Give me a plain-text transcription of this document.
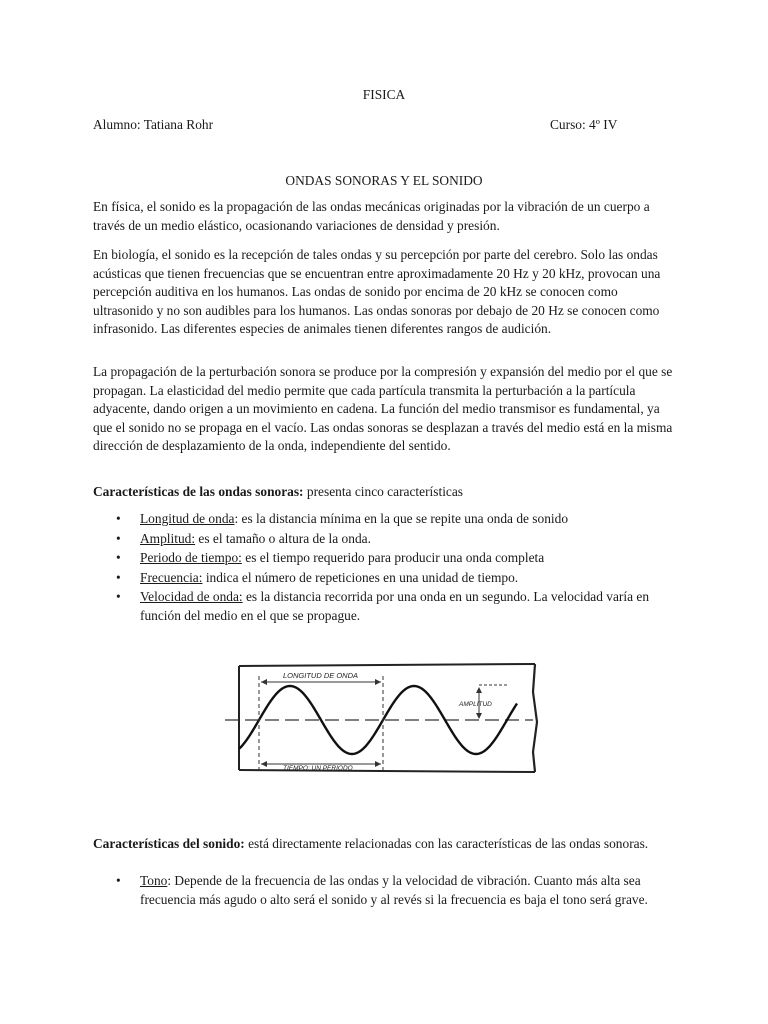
FISICA
Alumno: Tatiana Rohr	Curso: 4º IV
ONDAS SONORAS Y EL SONIDO

En física, el sonido es la propagación de las ondas mecánicas originadas por la vibración de un cuerpo a través de un medio elástico, ocasionando variaciones de densidad y presión.

En biología, el sonido es la recepción de tales ondas y su percepción por parte del cerebro. Solo las ondas acústicas que tienen frecuencias que se encuentran entre aproximadamente 20 Hz y 20 kHz, provocan una percepción auditiva en los humanos. Las ondas de sonido por encima de 20 kHz se conocen como ultrasonido y no son audibles para los humanos. Las ondas sonoras por debajo de 20 Hz se conocen como infrasonido. Las diferentes especies de animales tienen diferentes rangos de audición.

La propagación de la perturbación sonora se produce por la compresión y expansión del medio por el que se propagan. La elasticidad del medio permite que cada partícula transmita la perturbación a la partícula adyacente, dando origen a un movimiento en cadena. La función del medio transmisor es fundamental, ya que el sonido no se propaga en el vacío. Las ondas sonoras se desplazan a través del medio está en la misma dirección de desplazamiento de la onda, independiente del sentido.

Características de las ondas sonoras: presenta cinco características

• Longitud de onda: es la distancia mínima en la que se repite una onda de sonido
• Amplitud: es el tamaño o altura de la onda.
• Periodo de tiempo: es el tiempo requerido para producir una onda completa
• Frecuencia: indica el número de repeticiones en una unidad de tiempo.
• Velocidad de onda: es la distancia recorrida por una onda en un segundo. La velocidad varía en función del medio en el que se propague.
LONGITUD DE ONDA
AMPLITUD
TIEMPO: UN PERIODO

Características del sonido: está directamente relacionadas con las características de las ondas sonoras.

• Tono: Depende de la frecuencia de las ondas y la velocidad de vibración. Cuanto más alta sea frecuencia más agudo o alto será el sonido y al revés si la frecuencia es baja el tono será grave.
